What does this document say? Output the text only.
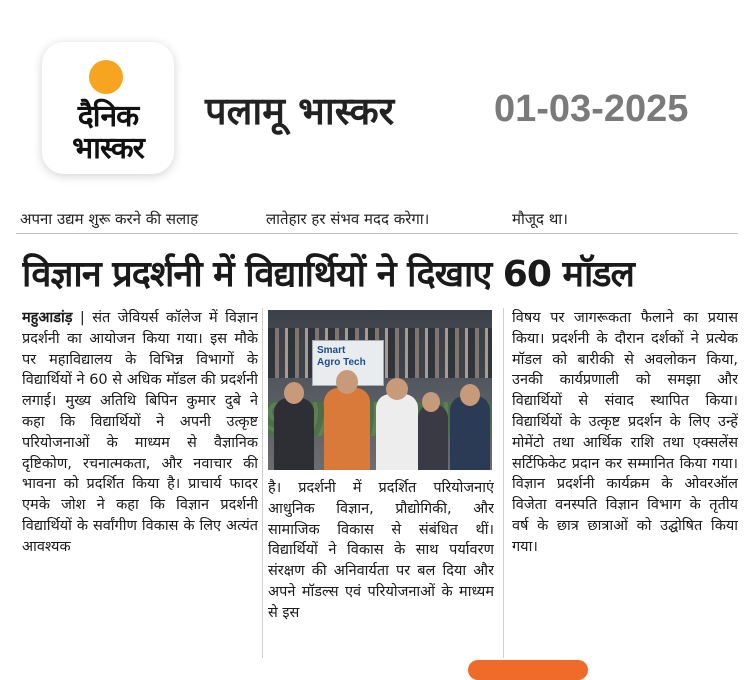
दैनिक
भास्कर
पलामू भास्कर	01-03-2025
अपना उद्यम शुरू करने की सलाह	लातेहार हर संभव मदद करेगा।	मौजूद था।
विज्ञान प्रदर्शनी में विद्यार्थियों ने दिखाए 60 मॉडल
महुआडांड़ | संत जेवियर्स कॉलेज में विज्ञान प्रदर्शनी का आयोजन किया गया। इस मौके पर महाविद्यालय के विभिन्न विभागों के विद्यार्थियों ने 60 से अधिक मॉडल की प्रदर्शनी लगाई। मुख्य अतिथि बिपिन कुमार दुबे ने कहा कि विद्यार्थियों ने अपनी उत्कृष्ट परियोजनाओं के माध्यम से वैज्ञानिक दृष्टिकोण, रचनात्मकता, और नवाचार की भावना को प्रदर्शित किया है। प्राचार्य फादर एमके जोश ने कहा कि विज्ञान प्रदर्शनी विद्यार्थियों के सर्वांगीण विकास के लिए अत्यंत आवश्यक
Smart
Agro Tech
है। प्रदर्शनी में प्रदर्शित परियोजनाएं आधुनिक विज्ञान, प्रौद्योगिकी, और सामाजिक विकास से संबंधित थीं। विद्यार्थियों ने विकास के साथ पर्यावरण संरक्षण की अनिवार्यता पर बल दिया और अपने मॉडल्स एवं परियोजनाओं के माध्यम से इस
विषय पर जागरूकता फैलाने का प्रयास किया। प्रदर्शनी के दौरान दर्शकों ने प्रत्येक मॉडल को बारीकी से अवलोकन किया, उनकी कार्यप्रणाली को समझा और विद्यार्थियों से संवाद स्थापित किया। विद्यार्थियों के उत्कृष्ट प्रदर्शन के लिए उन्हें मोमेंटो तथा आर्थिक राशि तथा एक्सलेंस सर्टिफिकेट प्रदान कर सम्मानित किया गया। विज्ञान प्रदर्शनी कार्यक्रम के ओवरऑल विजेता वनस्पति विज्ञान विभाग के तृतीय वर्ष के छात्र छात्राओं को उद्घोषित किया गया।
